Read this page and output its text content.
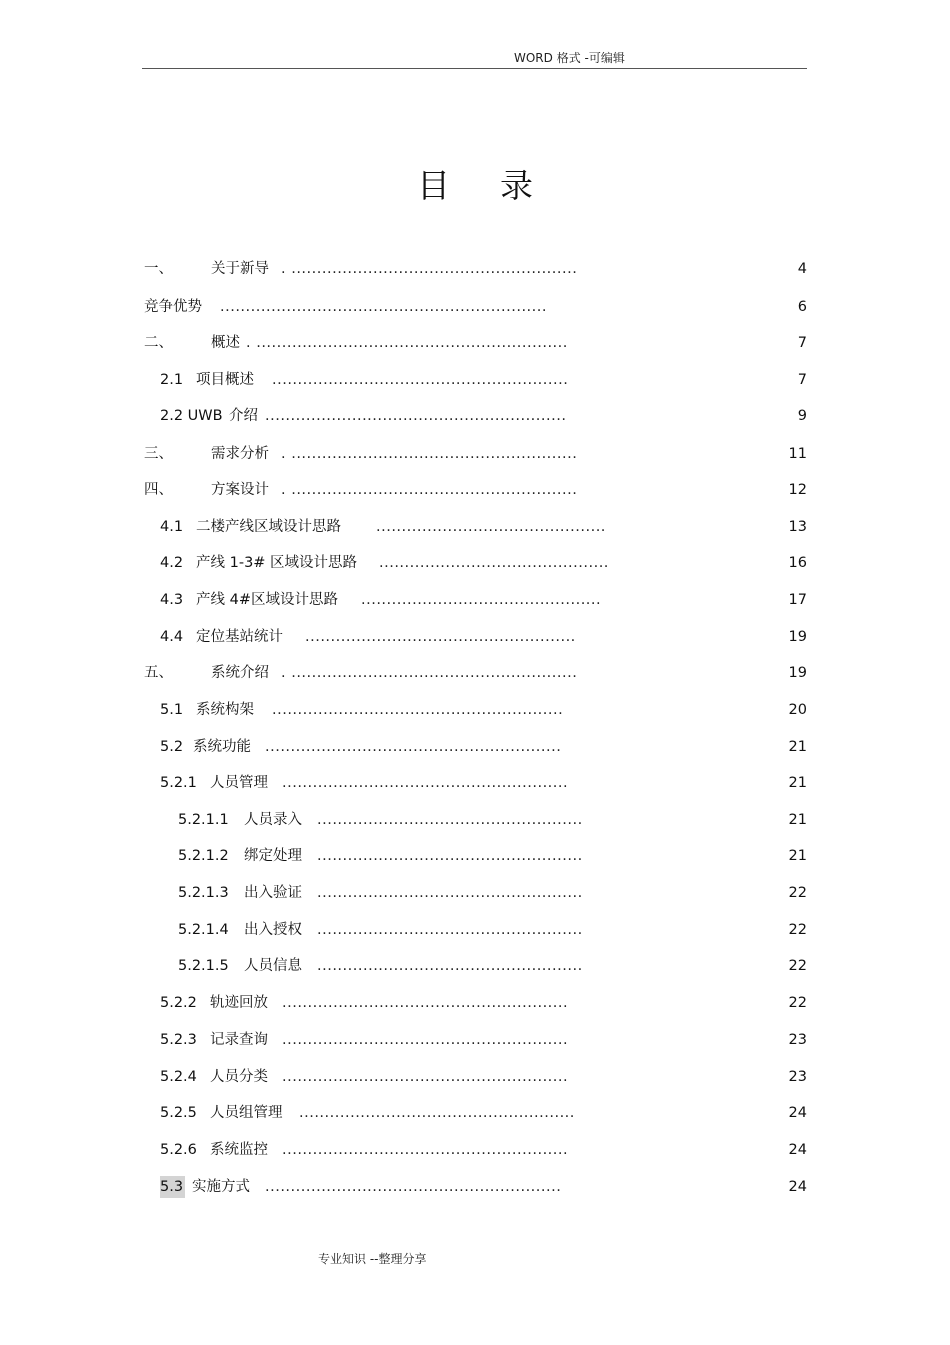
WORD 格式 -可编辑
目录
一、	关于新导 . ........................................................	4
竞争优势 ................................................................	6
二、	概述 . .............................................................	7
2.1 项目概述 ..........................................................	7
2.2 UWB 介绍 ...........................................................	9
三、	需求分析 . ........................................................	11
四、	方案设计 . ........................................................	12
4.1 二楼产线区域设计思路 .............................................	13
4.2 产线 1-3# 区域设计思路 .............................................	16
4.3 产线 4#区域设计思路 ...............................................	17
4.4 定位基站统计 .....................................................	19
五、	系统介绍 . ........................................................	19
5.1 系统构架 .........................................................	20
5.2 系统功能 ..........................................................	21
5.2.1 人员管理 ........................................................	21
5.2.1.1 人员录入 ....................................................	21
5.2.1.2 绑定处理 ....................................................	21
5.2.1.3 出入验证 ....................................................	22
5.2.1.4 出入授权 ....................................................	22
5.2.1.5 人员信息 ....................................................	22
5.2.2 轨迹回放 ........................................................	22
5.2.3 记录查询 ........................................................	23
5.2.4 人员分类 ........................................................	23
5.2.5 人员组管理 ......................................................	24
5.2.6 系统监控 ........................................................	24
5.3 实施方式 ..........................................................	24
专业知识 --整理分享
